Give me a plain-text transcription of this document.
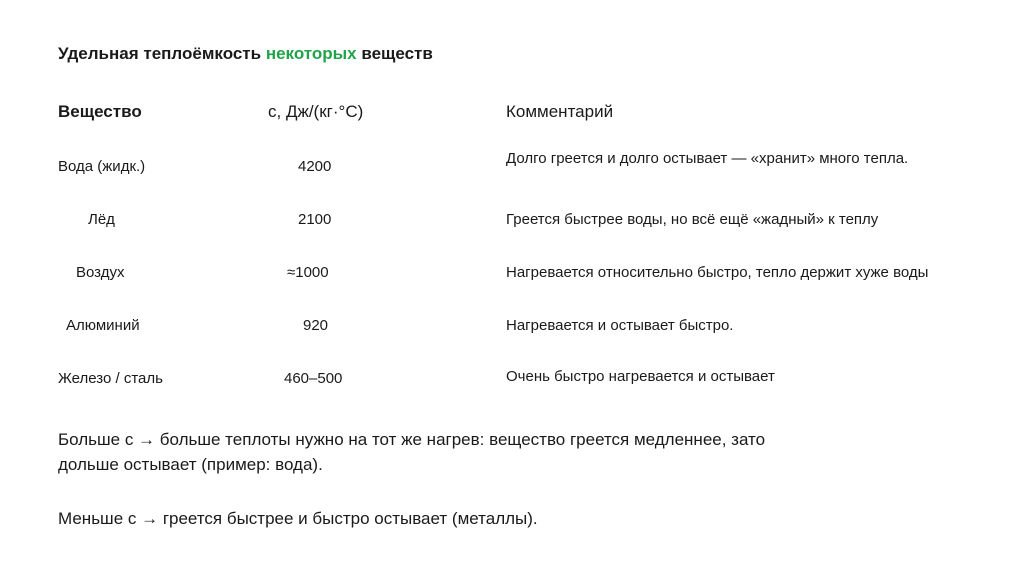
Удельная теплоёмкость некоторых веществ
Вещество	с, Дж/(кг·°С)	Комментарий
Вода (жидк.)	4200	Долго греется и долго остывает — «хранит» много тепла.
Лёд	2100	Греется быстрее воды, но всё ещё «жадный» к теплу
Воздух	≈1000	Нагревается относительно быстро, тепло держит хуже воды
Алюминий	920	Нагревается и остывает быстро.
Железо / сталь	460–500	Очень быстро нагревается и остывает
Больше с → больше теплоты нужно на тот же нагрев: вещество греется медленнее, зато
дольше остывает (пример: вода).
Меньше с → греется быстрее и быстро остывает (металлы).
